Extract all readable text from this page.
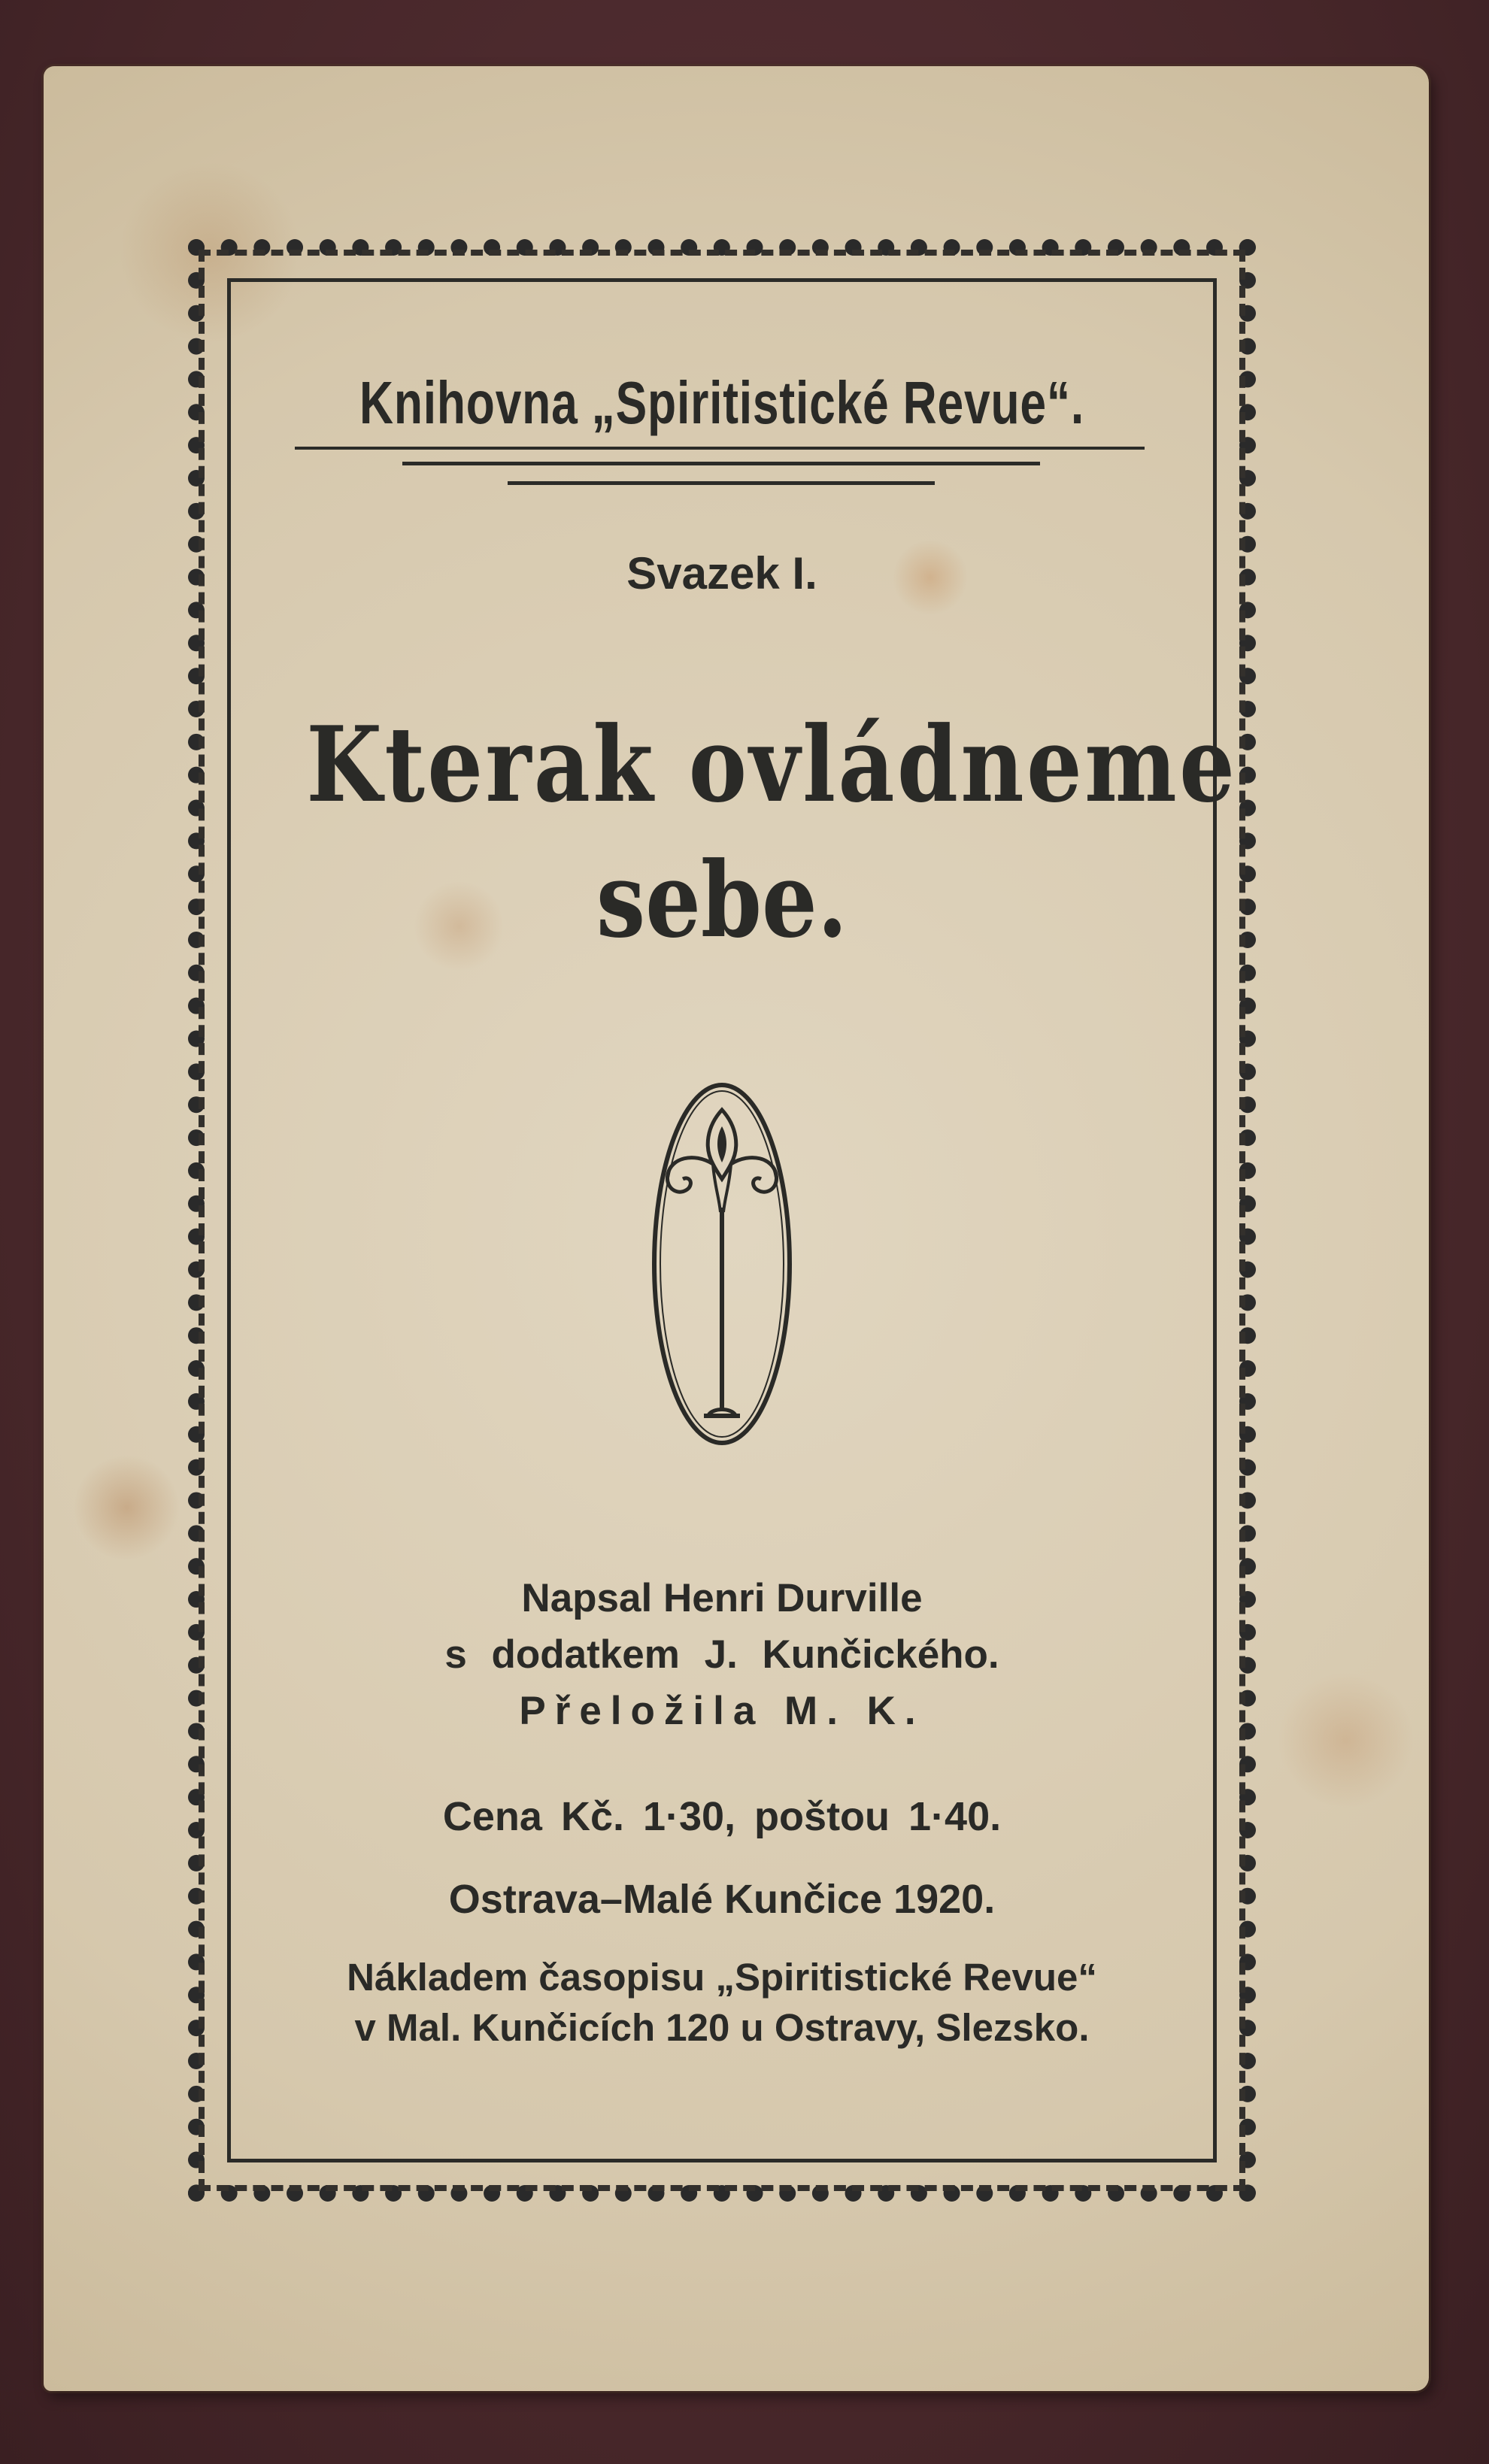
Knihovna „Spiritistické Revue“.
Svazek I.
Kterak ovládneme
sebe.
Napsal Henri Durville
s dodatkem J. Kunčického.
Přeložila M. K.
Cena Kč. 1·30, poštou 1·40.
Ostrava–Malé Kunčice 1920.
Nákladem časopisu „Spiritistické Revue“
v Mal. Kunčicích 120 u Ostravy, Slezsko.
